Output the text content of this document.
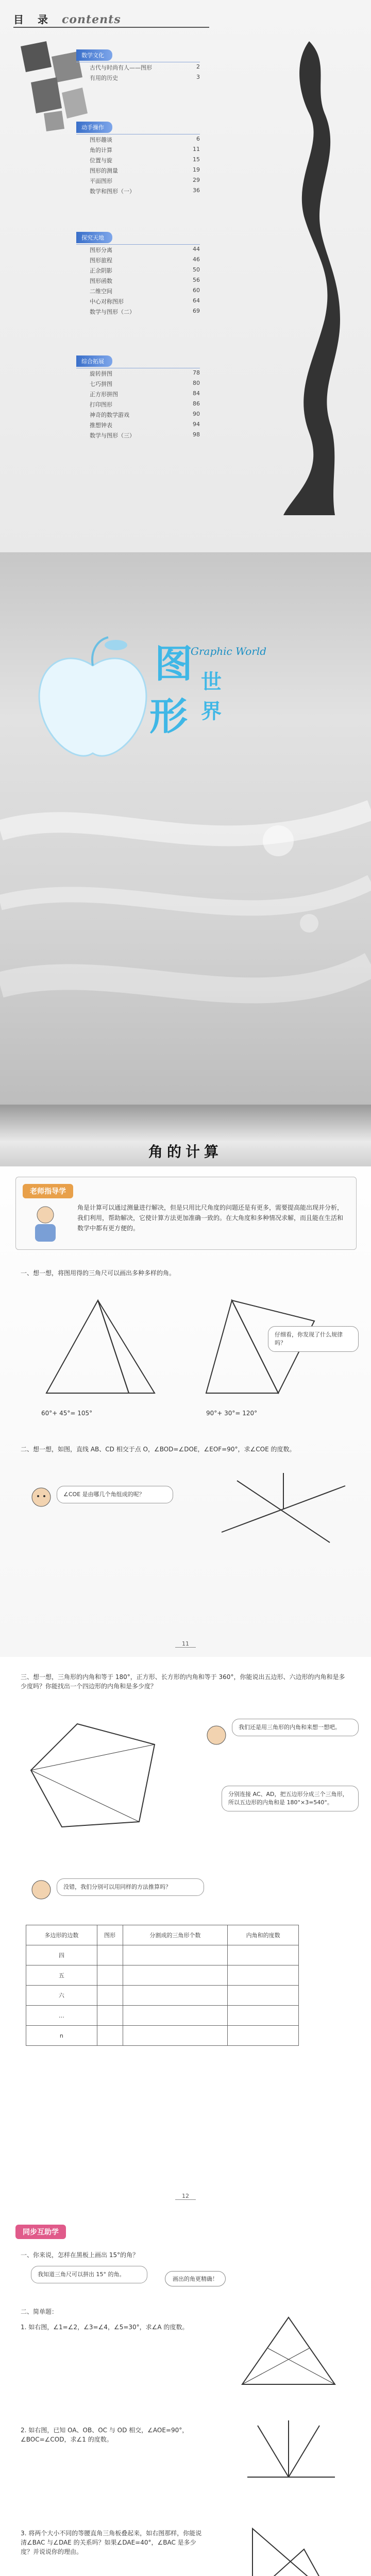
目 录 contents
数学文化
古代与时尚有人——图形	2
有用的历史	3
动手操作
图形趣谈	6
角的计算	11
位置与旋	15
图形的测量	19
平面图形	29
数学和图形（一）	36
探究天地
图形分离	44
图形旅程	46
正余阴影	50
图形函数	56
二维空间	60
中心对称图形	64
数学与图形（二）	69
综合拓展
旋转拼图	78
七巧拼图	80
正方形拼图	84
打印图形	86
神奇的数学游戏	90
推想钟表	94
数学与图形（三）	98
图
形
Graphic World
世界
角的计算
老师指导学
角是计算可以通过测量进行解决，但是只用比尺角度的问题还是有更多，需要提高能出现并分析，我们利用，帮助解决，它使计算方法更加准确一致的。在大角度和多种情况求解，而且能在生活和数学中都有更方便的。
一、想一想，将图用得的三角尺可以画出多种多样的角。
60°+ 45°= 105°	90°+ 30°= 120°
仔细看，你发现了什么规律吗？
二、想一想，如图，直线 AB、CD 相交于点 O，∠BOD=∠DOE，∠EOF=90°，求∠COE 的度数。
∠COE 是由哪几个角组成的呢？
11
三、想一想，三角形的内角和等于 180°，正方形、长方形的内角和等于 360°，你能说出五边形、六边形的内角和是多少度吗？你能找出一个四边形的内角和是多少度？
我们还是用三角形的内角和来想一想吧。
分别连接 AC、AD，把五边形分成三个三角形，所以五边形的内角和是 180°×3=540°。
没错，我们分别可以用同样的方法推算吗？
多边形的边数	图形	分割成的三角形个数	内角和的度数
四			
五			
六			
…			
n			
12
同步互助学
一、你来说，怎样在黑板上画出 15°的角？
我知道三角尺可以拼出 15° 的角。
画出的角更精确！
二、简单题：
1. 如右图，∠1=∠2，∠3=∠4，∠5=30°，求∠A 的度数。
2. 如右图，已知 OA、OB、OC 与 OD 相交，∠AOE=90°，∠BOC=∠COD，求∠1 的度数。
3. 将两个大小不同的等腰直角三角板叠起来，如右图那样，你能说清∠BAC 与∠DAE 的关系吗？如果∠DAE=40°，∠BAC 是多少度？并说说你的理由。
